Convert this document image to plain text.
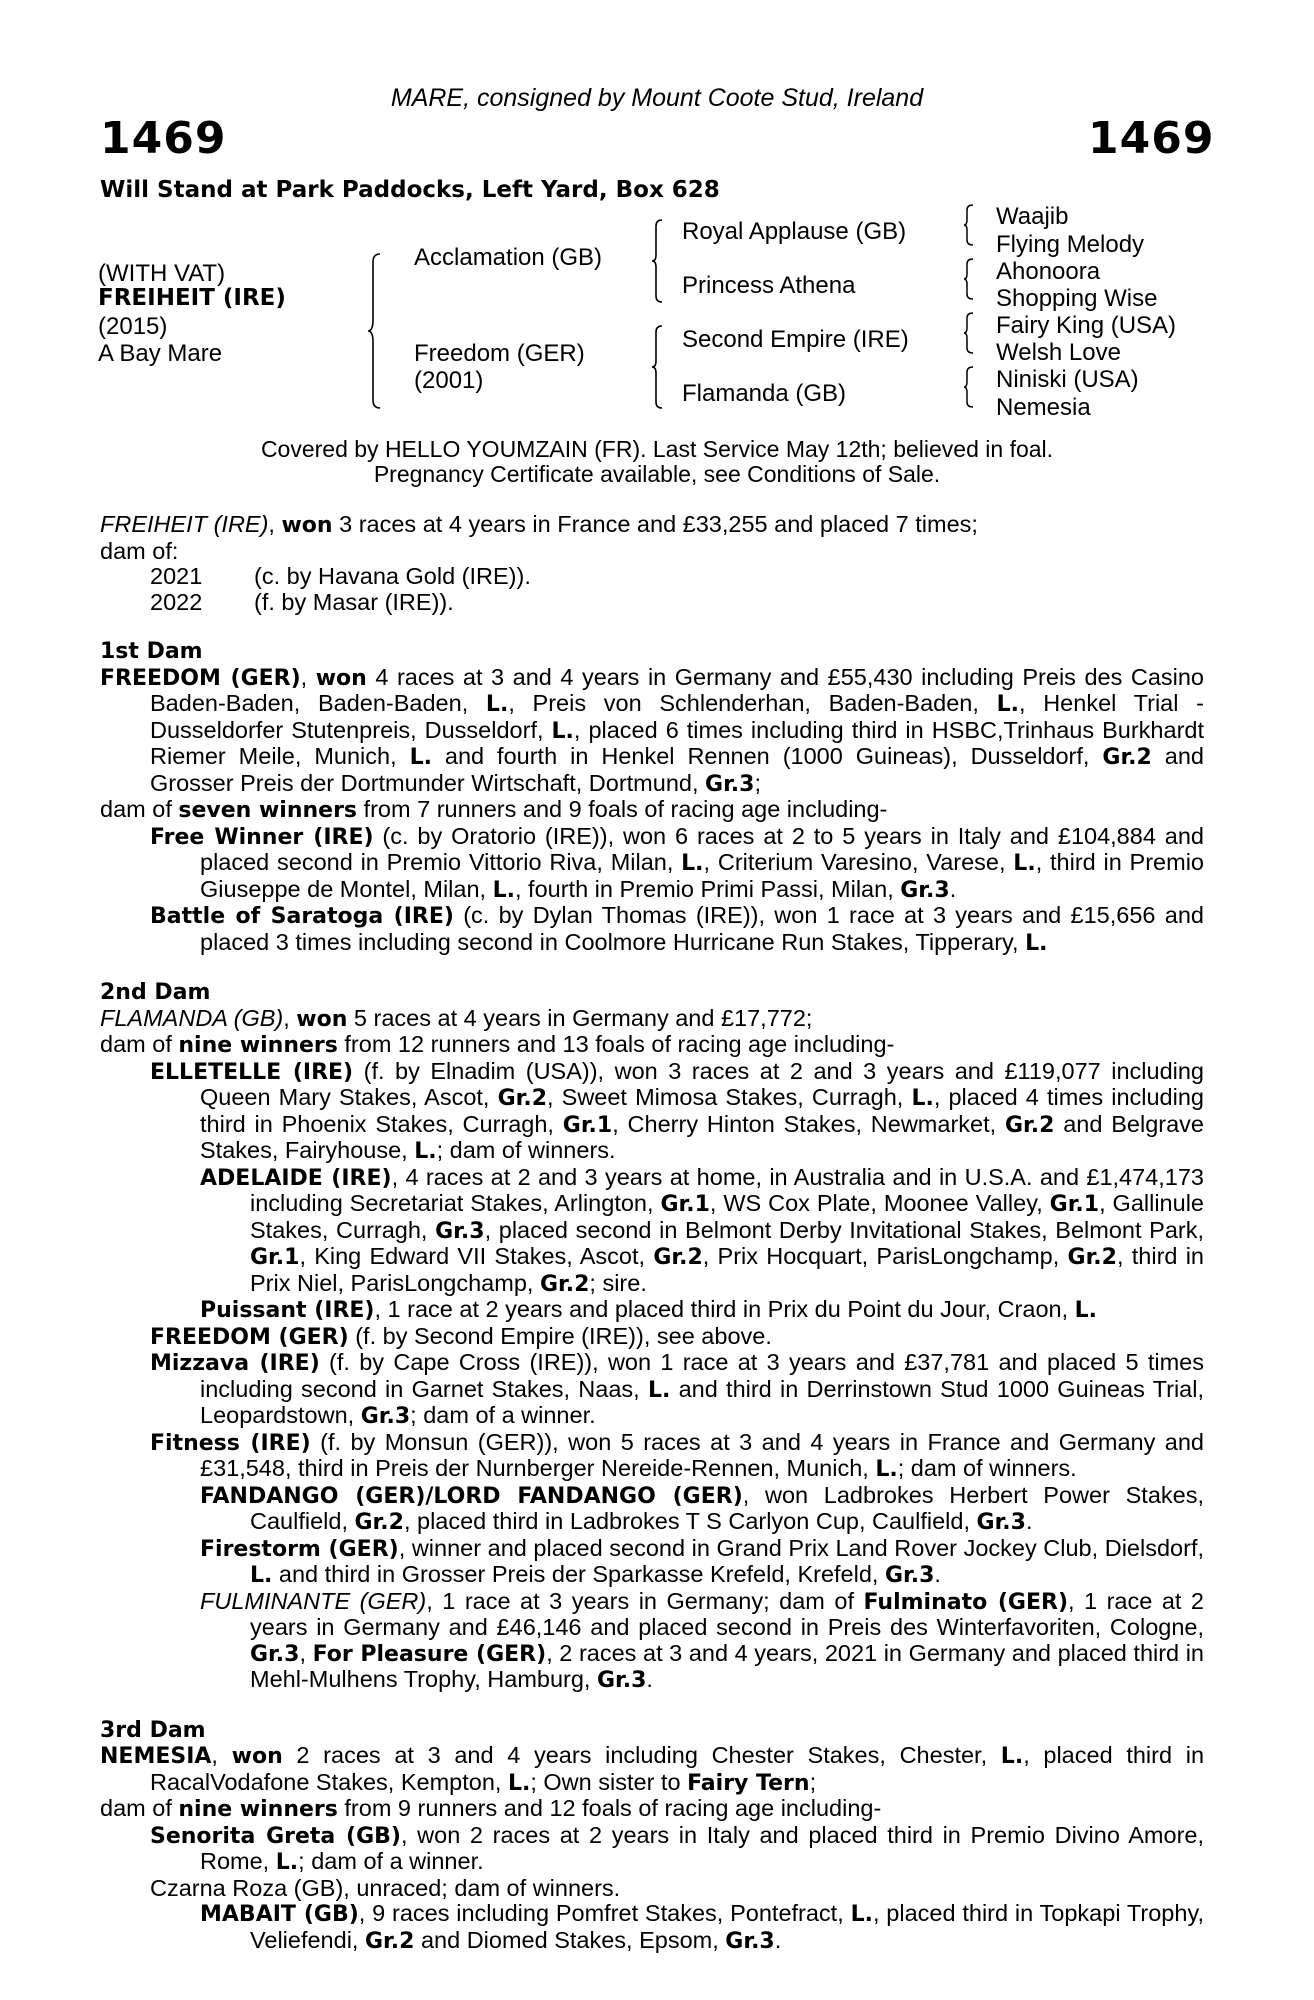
MARE, consigned by Mount Coote Stud, Ireland
1469	1469
Will Stand at Park Paddocks, Left Yard, Box 628
(WITH VAT)
FREIHEIT (IRE)
(2015)
A Bay Mare
Acclamation (GB)
Freedom (GER)
(2001)
Royal Applause (GB)
Princess Athena
Second Empire (IRE)
Flamanda (GB)
Waajib
Flying Melody
Ahonoora
Shopping Wise
Fairy King (USA)
Welsh Love
Niniski (USA)
Nemesia
Covered by HELLO YOUMZAIN (FR). Last Service May 12th; believed in foal.
Pregnancy Certificate available, see Conditions of Sale.

FREIHEIT (IRE), won 3 races at 4 years in France and £33,255 and placed 7 times;

dam of:

2021 (c. by Havana Gold (IRE)).

2022 (f. by Masar (IRE)).

1st Dam

FREEDOM (GER), won 4 races at 3 and 4 years in Germany and £55,430 including Preis des Casino Baden-Baden, Baden-Baden, L., Preis von Schlenderhan, Baden-Baden, L., Henkel Trial - Dusseldorfer Stutenpreis, Dusseldorf, L., placed 6 times including third in HSBC,Trinhaus Burkhardt Riemer Meile, Munich, L. and fourth in Henkel Rennen (1000 Guineas), Dusseldorf, Gr.2 and Grosser Preis der Dortmunder Wirtschaft, Dortmund, Gr.3;

dam of seven winners from 7 runners and 9 foals of racing age including-

Free Winner (IRE) (c. by Oratorio (IRE)), won 6 races at 2 to 5 years in Italy and £104,884 and placed second in Premio Vittorio Riva, Milan, L., Criterium Varesino, Varese, L., third in Premio Giuseppe de Montel, Milan, L., fourth in Premio Primi Passi, Milan, Gr.3.

Battle of Saratoga (IRE) (c. by Dylan Thomas (IRE)), won 1 race at 3 years and £15,656 and placed 3 times including second in Coolmore Hurricane Run Stakes, Tipperary, L.

2nd Dam

FLAMANDA (GB), won 5 races at 4 years in Germany and £17,772;

dam of nine winners from 12 runners and 13 foals of racing age including-

ELLETELLE (IRE) (f. by Elnadim (USA)), won 3 races at 2 and 3 years and £119,077 including Queen Mary Stakes, Ascot, Gr.2, Sweet Mimosa Stakes, Curragh, L., placed 4 times including third in Phoenix Stakes, Curragh, Gr.1, Cherry Hinton Stakes, Newmarket, Gr.2 and Belgrave Stakes, Fairyhouse, L.; dam of winners.

ADELAIDE (IRE), 4 races at 2 and 3 years at home, in Australia and in U.S.A. and £1,474,173 including Secretariat Stakes, Arlington, Gr.1, WS Cox Plate, Moonee Valley, Gr.1, Gallinule Stakes, Curragh, Gr.3, placed second in Belmont Derby Invitational Stakes, Belmont Park, Gr.1, King Edward VII Stakes, Ascot, Gr.2, Prix Hocquart, ParisLongchamp, Gr.2, third in Prix Niel, ParisLongchamp, Gr.2; sire.

Puissant (IRE), 1 race at 2 years and placed third in Prix du Point du Jour, Craon, L.

FREEDOM (GER) (f. by Second Empire (IRE)), see above.

Mizzava (IRE) (f. by Cape Cross (IRE)), won 1 race at 3 years and £37,781 and placed 5 times including second in Garnet Stakes, Naas, L. and third in Derrinstown Stud 1000 Guineas Trial, Leopardstown, Gr.3; dam of a winner.

Fitness (IRE) (f. by Monsun (GER)), won 5 races at 3 and 4 years in France and Germany and £31,548, third in Preis der Nurnberger Nereide-Rennen, Munich, L.; dam of winners.

FANDANGO (GER)/LORD FANDANGO (GER), won Ladbrokes Herbert Power Stakes, Caulfield, Gr.2, placed third in Ladbrokes T S Carlyon Cup, Caulfield, Gr.3.

Firestorm (GER), winner and placed second in Grand Prix Land Rover Jockey Club, Dielsdorf, L. and third in Grosser Preis der Sparkasse Krefeld, Krefeld, Gr.3.

FULMINANTE (GER), 1 race at 3 years in Germany; dam of Fulminato (GER), 1 race at 2 years in Germany and £46,146 and placed second in Preis des Winterfavoriten, Cologne, Gr.3, For Pleasure (GER), 2 races at 3 and 4 years, 2021 in Germany and placed third in Mehl-Mulhens Trophy, Hamburg, Gr.3.

3rd Dam

NEMESIA, won 2 races at 3 and 4 years including Chester Stakes, Chester, L., placed third in RacalVodafone Stakes, Kempton, L.; Own sister to Fairy Tern;

dam of nine winners from 9 runners and 12 foals of racing age including-

Senorita Greta (GB), won 2 races at 2 years in Italy and placed third in Premio Divino Amore, Rome, L.; dam of a winner.

Czarna Roza (GB), unraced; dam of winners.

MABAIT (GB), 9 races including Pomfret Stakes, Pontefract, L., placed third in Topkapi Trophy, Veliefendi, Gr.2 and Diomed Stakes, Epsom, Gr.3.
